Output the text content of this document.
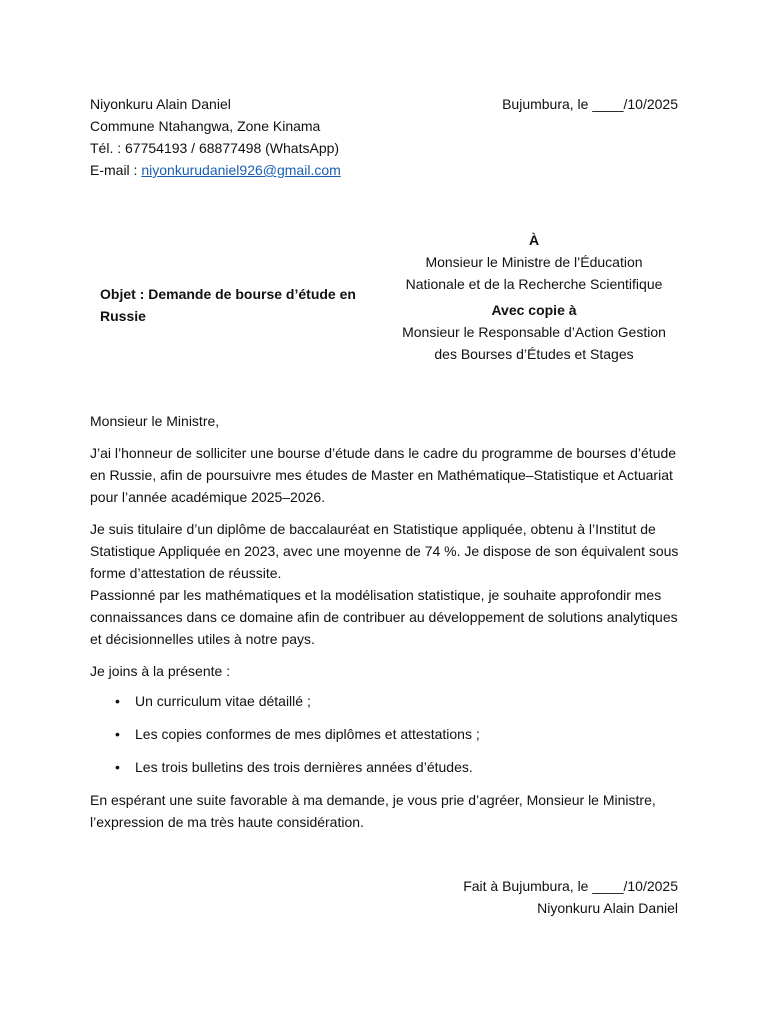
Niyonkuru Alain Daniel
Commune Ntahangwa, Zone Kinama
Tél. : 67754193 / 68877498 (WhatsApp)
E-mail : niyonkurudaniel926@gmail.com
Bujumbura, le ____/10/2025
À
Monsieur le Ministre de l’Éducation
Nationale et de la Recherche Scientifique
Avec copie à
Monsieur le Responsable d’Action Gestion
des Bourses d’Études et Stages
Objet : Demande de bourse d’étude en
Russie

Monsieur le Ministre,

J’ai l’honneur de solliciter une bourse d’étude dans le cadre du programme de bourses d’étude en Russie, afin de poursuivre mes études de Master en Mathématique–Statistique et Actuariat pour l’année académique 2025–2026.

Je suis titulaire d’un diplôme de baccalauréat en Statistique appliquée, obtenu à l’Institut de Statistique Appliquée en 2023, avec une moyenne de 74 %. Je dispose de son équivalent sous forme d’attestation de réussite.

Passionné par les mathématiques et la modélisation statistique, je souhaite approfondir mes connaissances dans ce domaine afin de contribuer au développement de solutions analytiques et décisionnelles utiles à notre pays.

Je joins à la présente :

• Un curriculum vitae détaillé ;
• Les copies conformes de mes diplômes et attestations ;
• Les trois bulletins des trois dernières années d’études.

En espérant une suite favorable à ma demande, je vous prie d’agréer, Monsieur le Ministre, l’expression de ma très haute considération.

Fait à Bujumbura, le ____/10/2025
Niyonkuru Alain Daniel
